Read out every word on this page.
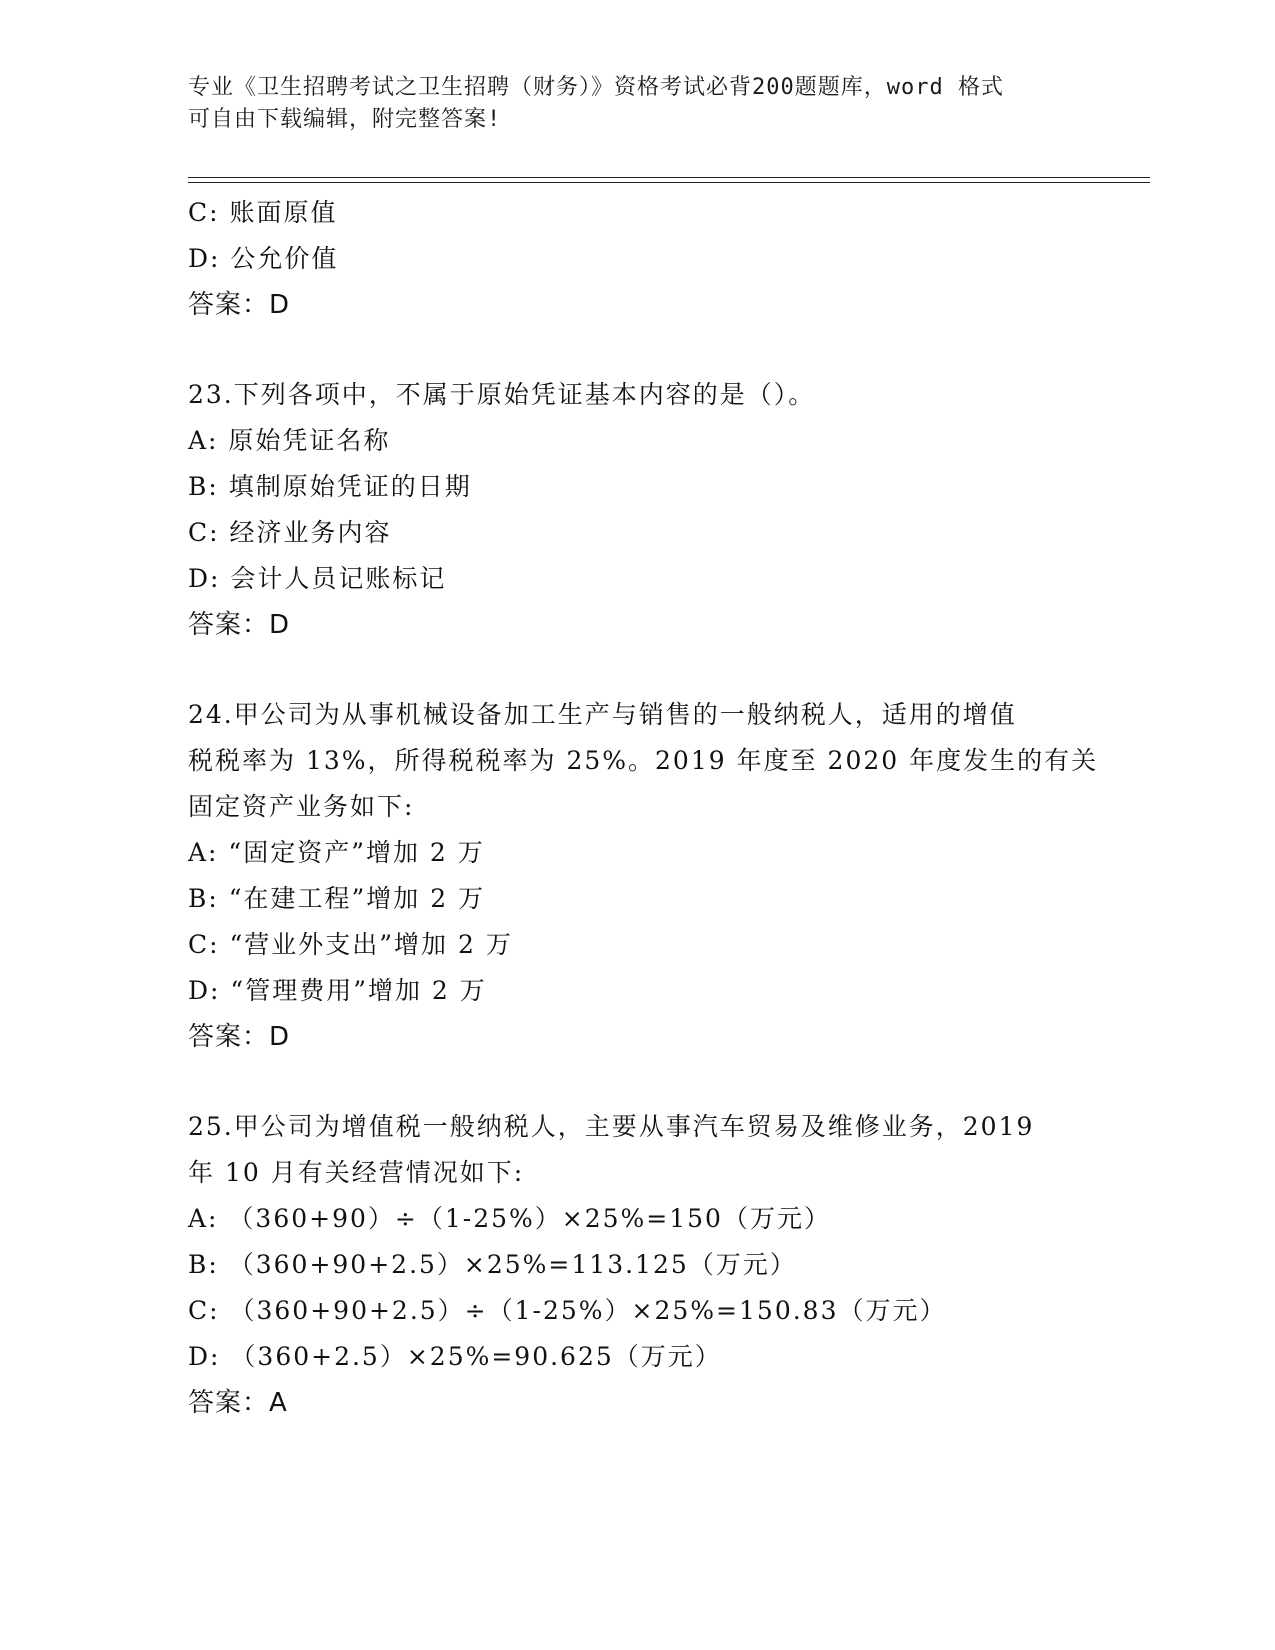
专业《卫生招聘考试之卫生招聘（财务）》资格考试必背200题题库，word 格式
可自由下载编辑，附完整答案!
C: 账面原值
D: 公允价值
答案：D
23.下列各项中，不属于原始凭证基本内容的是（）。
A: 原始凭证名称
B: 填制原始凭证的日期
C: 经济业务内容
D: 会计人员记账标记
答案：D
24.甲公司为从事机械设备加工生产与销售的一般纳税人，适用的增值
税税率为 13%，所得税税率为 25%。2019 年度至 2020 年度发生的有关
固定资产业务如下:
A: “固定资产”增加 2 万
B: “在建工程”增加 2 万
C: “营业外支出”增加 2 万
D: “管理费用”增加 2 万
答案：D
25.甲公司为增值税一般纳税人，主要从事汽车贸易及维修业务，2019
年 10 月有关经营情况如下:
A: （360+90）÷（1-25%）×25%=150（万元）
B: （360+90+2.5）×25%=113.125（万元）
C: （360+90+2.5）÷（1-25%）×25%=150.83（万元）
D: （360+2.5）×25%=90.625（万元）
答案：A
